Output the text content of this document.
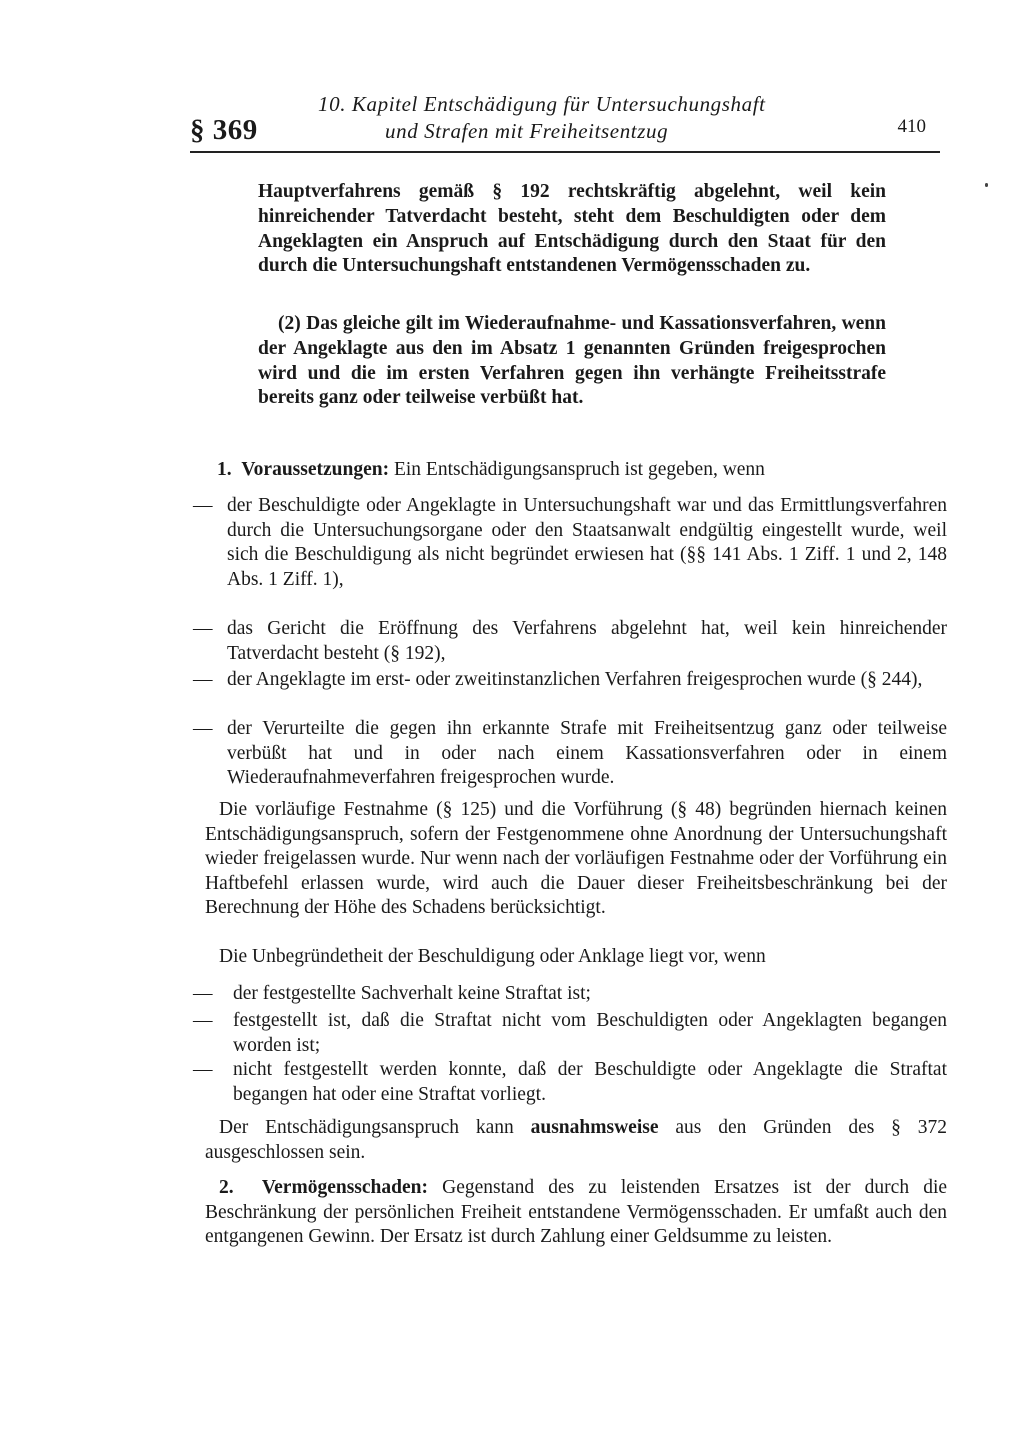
§ 369
10. Kapitel Entschädigung für Untersuchungshaft
und Strafen mit Freiheitsentzug	410
Hauptverfahrens gemäß § 192 rechtskräftig abgelehnt, weil kein hinreichender Tatverdacht besteht, steht dem Beschuldigten oder dem Angeklagten ein Anspruch auf Entschädigung durch den Staat für den durch die Untersuchungshaft entstandenen Vermögensschaden zu.
(2) Das gleiche gilt im Wiederaufnahme- und Kassationsverfahren, wenn der Angeklagte aus den im Absatz 1 genannten Gründen freigesprochen wird und die im ersten Verfahren gegen ihn verhängte Freiheitsstrafe bereits ganz oder teilweise verbüßt hat.
1. Voraussetzungen: Ein Entschädigungsanspruch ist gegeben, wenn
— der Beschuldigte oder Angeklagte in Untersuchungshaft war und das Ermittlungsverfahren durch die Untersuchungsorgane oder den Staatsanwalt endgültig eingestellt wurde, weil sich die Beschuldigung als nicht begründet erwiesen hat (§§ 141 Abs. 1 Ziff. 1 und 2, 148 Abs. 1 Ziff. 1),
— das Gericht die Eröffnung des Verfahrens abgelehnt hat, weil kein hinreichender Tatverdacht besteht (§ 192),
— der Angeklagte im erst- oder zweitinstanzlichen Verfahren freigesprochen wurde (§ 244),
— der Verurteilte die gegen ihn erkannte Strafe mit Freiheitsentzug ganz oder teilweise verbüßt hat und in oder nach einem Kassationsverfahren oder in einem Wiederaufnahmeverfahren freigesprochen wurde.
Die vorläufige Festnahme (§ 125) und die Vorführung (§ 48) begründen hiernach keinen Entschädigungsanspruch, sofern der Festgenommene ohne Anordnung der Untersuchungshaft wieder freigelassen wurde. Nur wenn nach der vorläufigen Festnahme oder der Vorführung ein Haftbefehl erlassen wurde, wird auch die Dauer dieser Freiheitsbeschränkung bei der Berechnung der Höhe des Schadens berücksichtigt.
Die Unbegründetheit der Beschuldigung oder Anklage liegt vor, wenn
— der festgestellte Sachverhalt keine Straftat ist;
— festgestellt ist, daß die Straftat nicht vom Beschuldigten oder Angeklagten begangen worden ist;
— nicht festgestellt werden konnte, daß der Beschuldigte oder Angeklagte die Straftat begangen hat oder eine Straftat vorliegt.
Der Entschädigungsanspruch kann ausnahmsweise aus den Gründen des § 372 ausgeschlossen sein.
2. Vermögensschaden: Gegenstand des zu leistenden Ersatzes ist der durch die Beschränkung der persönlichen Freiheit entstandene Vermögensschaden. Er umfaßt auch den entgangenen Gewinn. Der Ersatz ist durch Zahlung einer Geldsumme zu leisten.
